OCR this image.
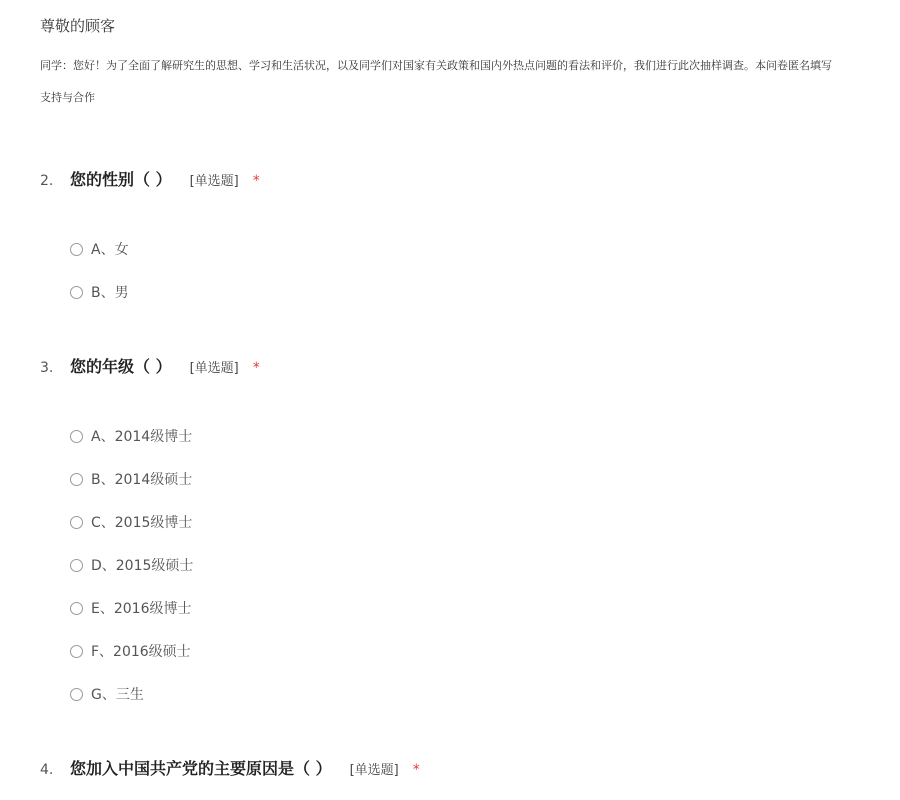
尊敬的顾客
同学：您好！为了全面了解研究生的思想、学习和生活状况，以及同学们对国家有关政策和国内外热点问题的看法和评价，我们进行此次抽样调查。本问卷匿名填写
支持与合作
2.	您的性别（ ） [单选题] *
A、女
B、男
3.	您的年级（ ） [单选题] *
A、2014级博士
B、2014级硕士
C、2015级博士
D、2015级硕士
E、2016级博士
F、2016级硕士
G、三生
4.	您加入中国共产党的主要原因是（ ） [单选题] *
